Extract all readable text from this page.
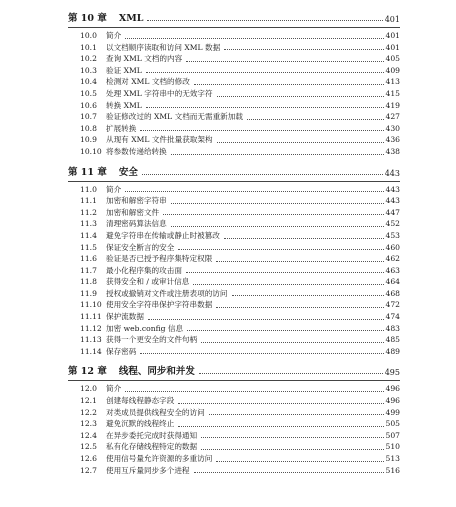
第 10 章 XML	401
10.0	简介	401
10.1	以文档顺序读取和访问 XML 数据	401
10.2	查询 XML 文档的内容	405
10.3	验证 XML	409
10.4	检测对 XML 文档的修改	413
10.5	处理 XML 字符串中的无效字符	415
10.6	转换 XML	419
10.7	验证修改过的 XML 文档而无需重新加载	427
10.8	扩展转换	430
10.9	从现有 XML 文件批量获取架构	436
10.10 将参数传递给转换	438
第 11 章 安全	443
11.0	简介	443
11.1	加密和解密字符串	443
11.2	加密和解密文件	447
11.3	清理密码算法信息	452
11.4	避免字符串在传输或静止时被篡改	453
11.5	保证安全断言的安全	460
11.6	验证是否已授予程序集特定权限	462
11.7	最小化程序集的攻击面	463
11.8	获得安全和 / 或审计信息	464
11.9	授权或撤销对文件或注册表项的访问	468
11.10 使用安全字符串保护字符串数据	472
11.11 保护流数据	474
11.12 加密 web.config 信息	483
11.13 获得一个更安全的文件句柄	485
11.14 保存密码	489
第 12 章 线程、同步和并发	495
12.0	简介	496
12.1	创建每线程静态字段	496
12.2	对类成员提供线程安全的访问	499
12.3	避免沉默的线程终止	505
12.4	在异步委托完成时获得通知	507
12.5	私有化存储线程特定的数据	510
12.6	使用信号量允许资源的多重访问	513
12.7	使用互斥量同步多个进程	516
